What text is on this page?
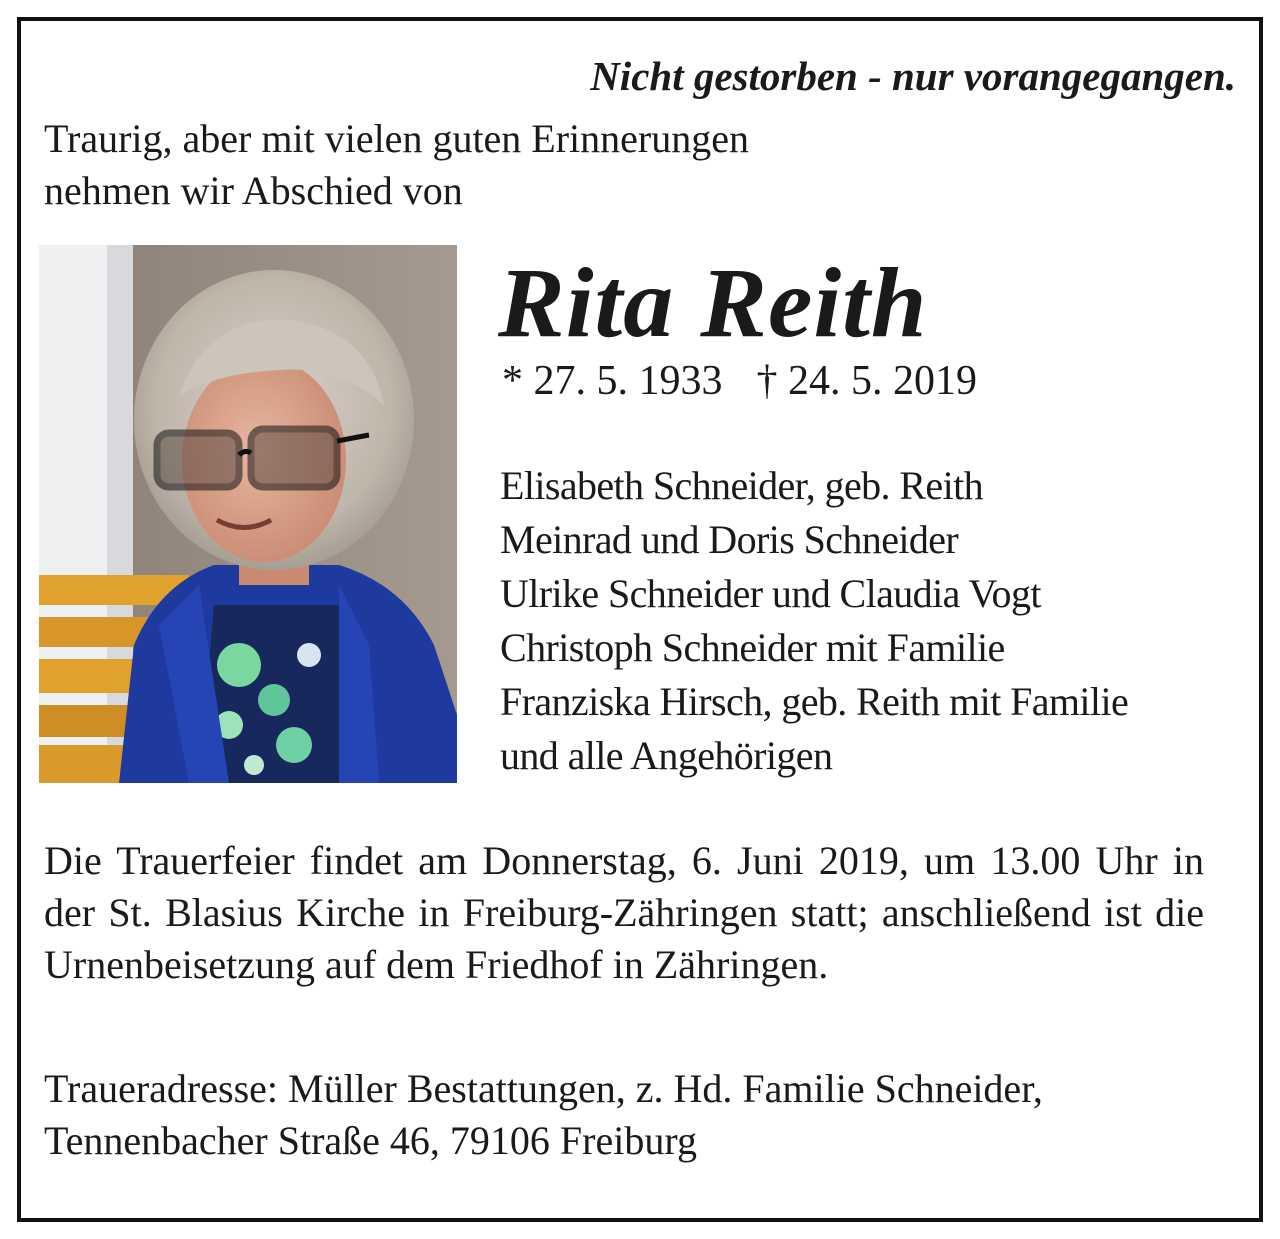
Nicht gestorben - nur vorangegangen.
Traurig, aber mit vielen guten Erinnerungen
nehmen wir Abschied von
Rita Reith
* 27. 5. 1933 † 24. 5. 2019
Elisabeth Schneider, geb. Reith
Meinrad und Doris Schneider
Ulrike Schneider und Claudia Vogt
Christoph Schneider mit Familie
Franziska Hirsch, geb. Reith mit Familie
und alle Angehörigen
Die Trauerfeier findet am Donnerstag, 6. Juni 2019, um 13.00 Uhr in der St. Blasius Kirche in Freiburg-Zähringen statt; anschließend ist die Urnenbeisetzung auf dem Friedhof in Zähringen.
Traueradresse: Müller Bestattungen, z. Hd. Familie Schneider,
Tennenbacher Straße 46, 79106 Freiburg
